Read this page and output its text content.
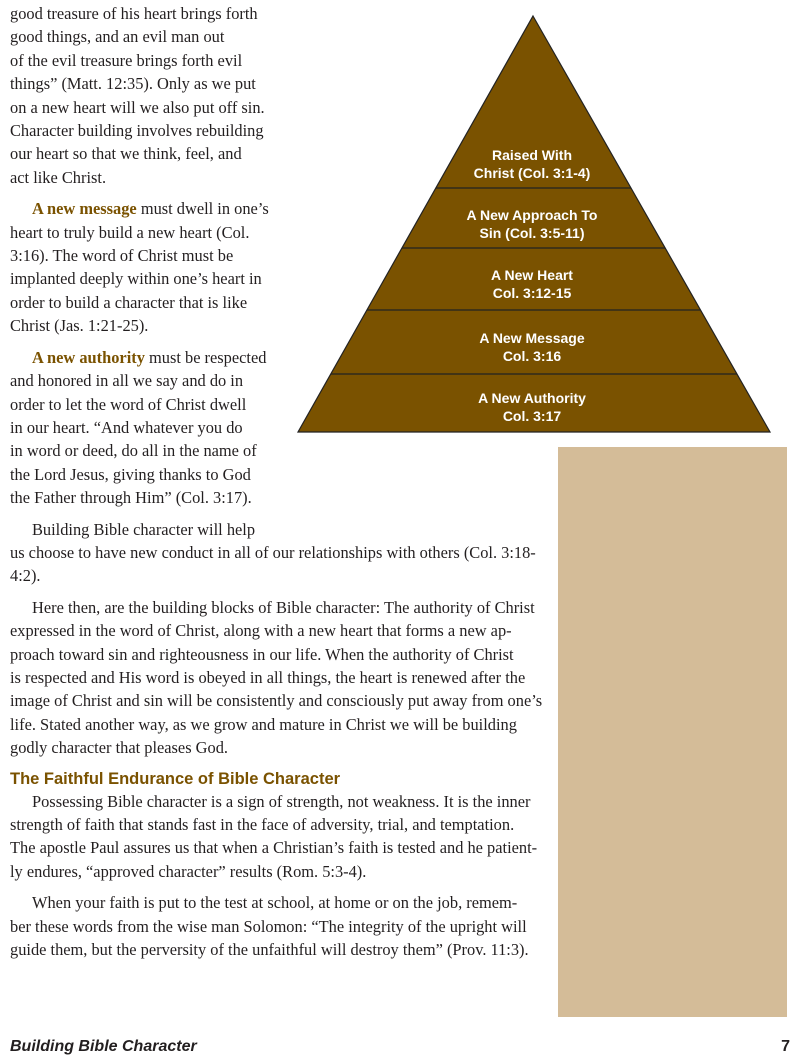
good treasure of his heart brings forth
good things, and an evil man out
of the evil treasure brings forth evil
things” (Matt. 12:35). Only as we put
on a new heart will we also put off sin.
Character building involves rebuilding
our heart so that we think, feel, and
act like Christ.
A new message must dwell in one’s
heart to truly build a new heart (Col.
3:16). The word of Christ must be
implanted deeply within one’s heart in
order to build a character that is like
Christ (Jas. 1:21-25).
A new authority must be respected
and honored in all we say and do in
order to let the word of Christ dwell
in our heart. “And whatever you do
in word or deed, do all in the name of
the Lord Jesus, giving thanks to God
the Father through Him” (Col. 3:17).
Building Bible character will help
us choose to have new conduct in all of our relationships with others (Col. 3:18-
4:2).
Here then, are the building blocks of Bible character: The authority of Christ
expressed in the word of Christ, along with a new heart that forms a new ap-
proach toward sin and righteousness in our life. When the authority of Christ
is respected and His word is obeyed in all things, the heart is renewed after the
image of Christ and sin will be consistently and consciously put away from one’s
life. Stated another way, as we grow and mature in Christ we will be building
godly character that pleases God.
The Faithful Endurance of Bible Character
Possessing Bible character is a sign of strength, not weakness. It is the inner
strength of faith that stands fast in the face of adversity, trial, and temptation.
The apostle Paul assures us that when a Christian’s faith is tested and he patient-
ly endures, “approved character” results (Rom. 5:3-4).
When your faith is put to the test at school, at home or on the job, remem-
ber these words from the wise man Solomon: “The integrity of the upright will
guide them, but the perversity of the unfaithful will destroy them” (Prov. 11:3).
Raised With
Christ (Col. 3:1-4)
A New Approach To
Sin (Col. 3:5-11)
A New Heart
Col. 3:12-15
A New Message
Col. 3:16
A New Authority
Col. 3:17
Building Bible Character	7
